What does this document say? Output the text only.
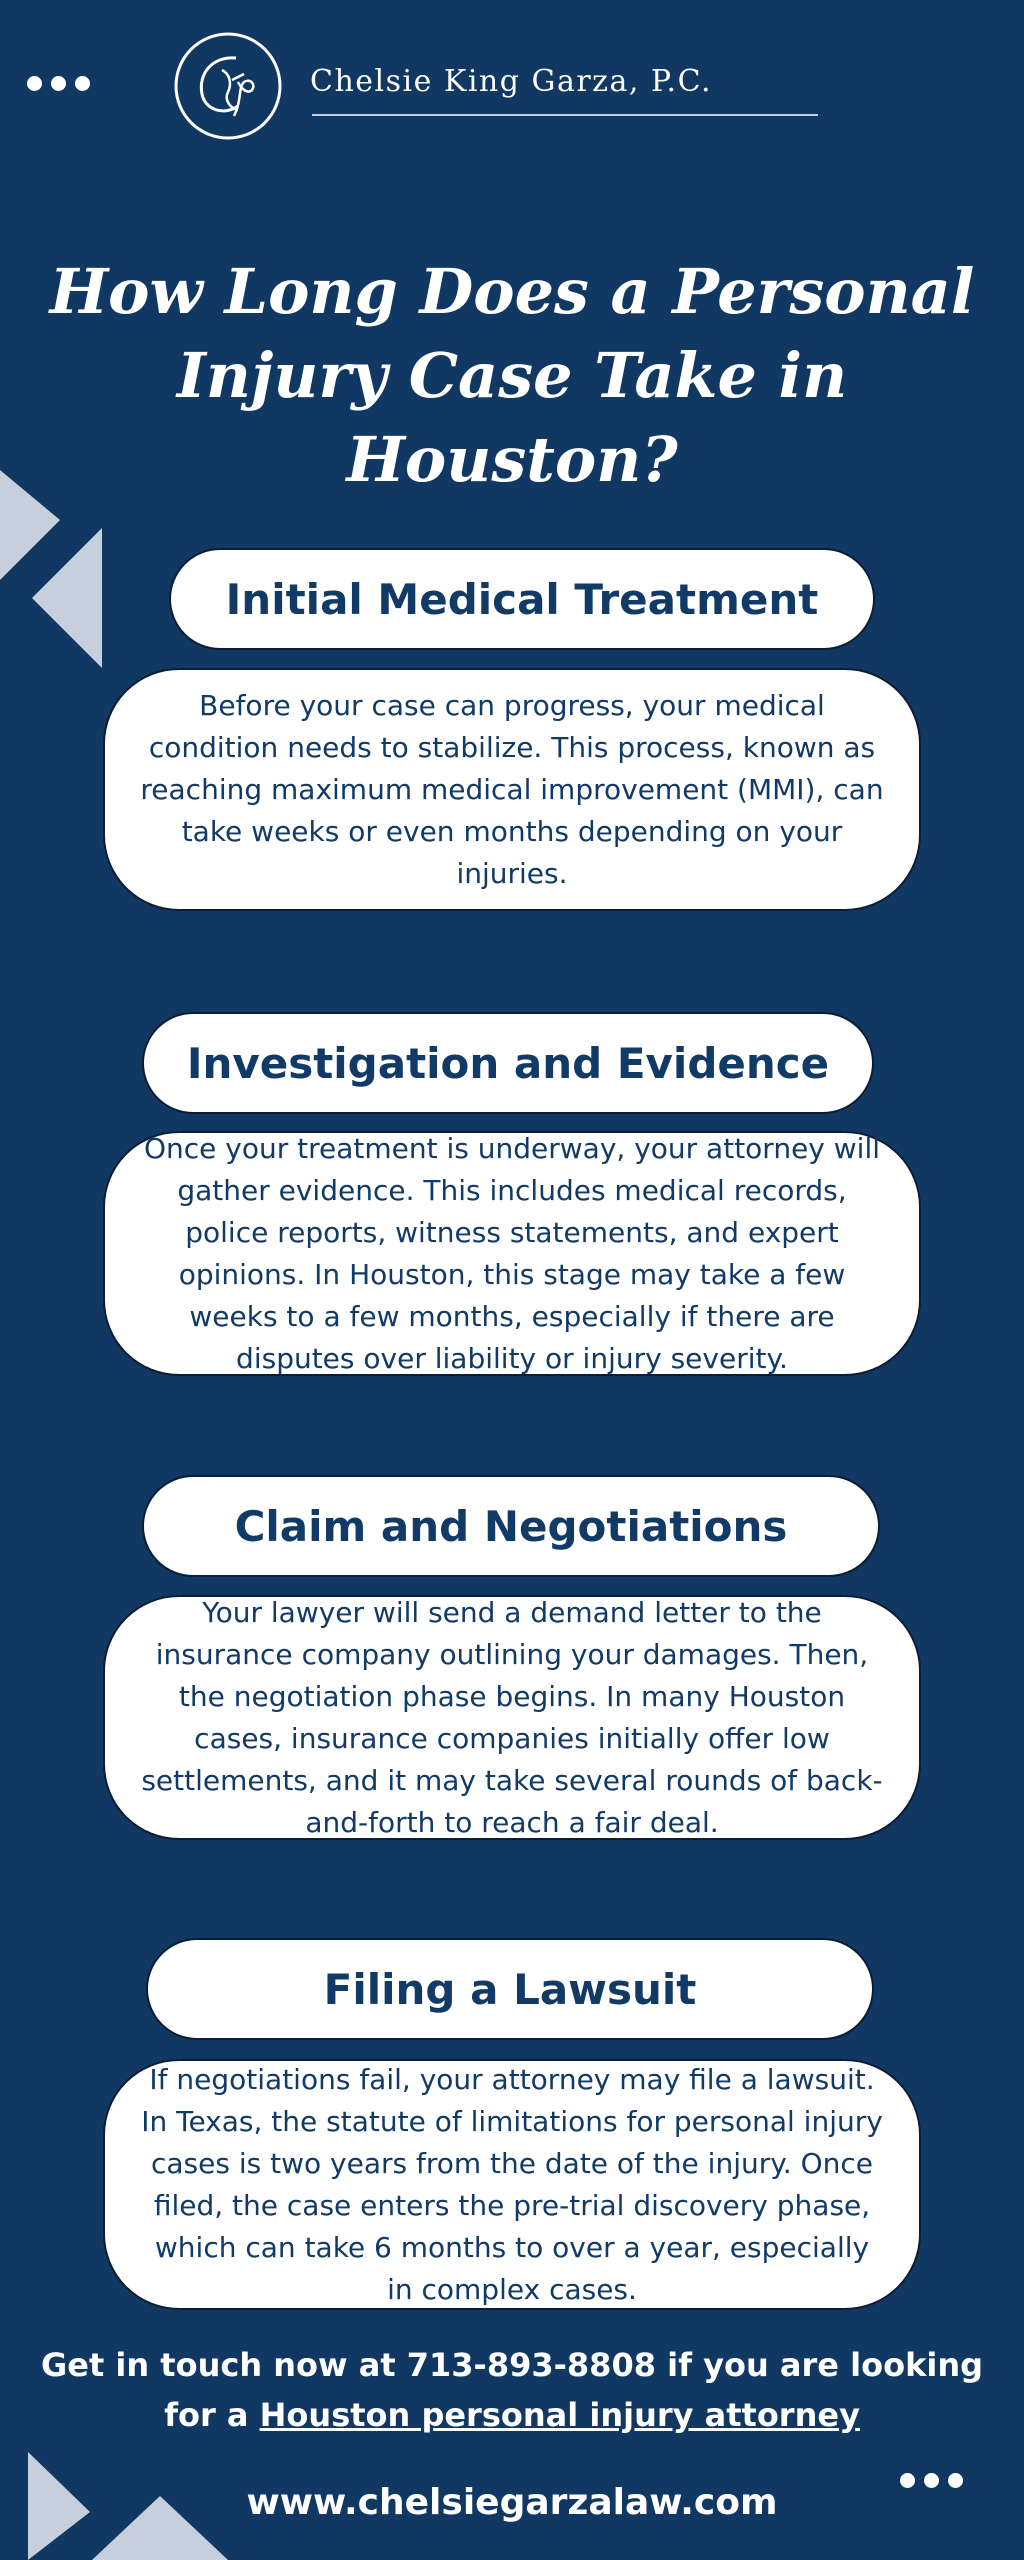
Chelsie King Garza, P.C.
How Long Does a Personal Injury Case Take in Houston?
Initial Medical Treatment

Before your case can progress, your medical condition needs to stabilize. This process, known as reaching maximum medical improvement (MMI), can take weeks or even months depending on your injuries.

Investigation and Evidence

Once your treatment is underway, your attorney will gather evidence. This includes medical records, police reports, witness statements, and expert opinions. In Houston, this stage may take a few weeks to a few months, especially if there are disputes over liability or injury severity.

Claim and Negotiations

Your lawyer will send a demand letter to the insurance company outlining your damages. Then, the negotiation phase begins. In many Houston cases, insurance companies initially offer low settlements, and it may take several rounds of back-and-forth to reach a fair deal.

Filing a Lawsuit

If negotiations fail, your attorney may file a lawsuit. In Texas, the statute of limitations for personal injury cases is two years from the date of the injury. Once filed, the case enters the pre-trial discovery phase, which can take 6 months to over a year, especially in complex cases.

Get in touch now at 713-893-8808 if you are looking for a Houston personal injury attorney

www.chelsiegarzalaw.com
